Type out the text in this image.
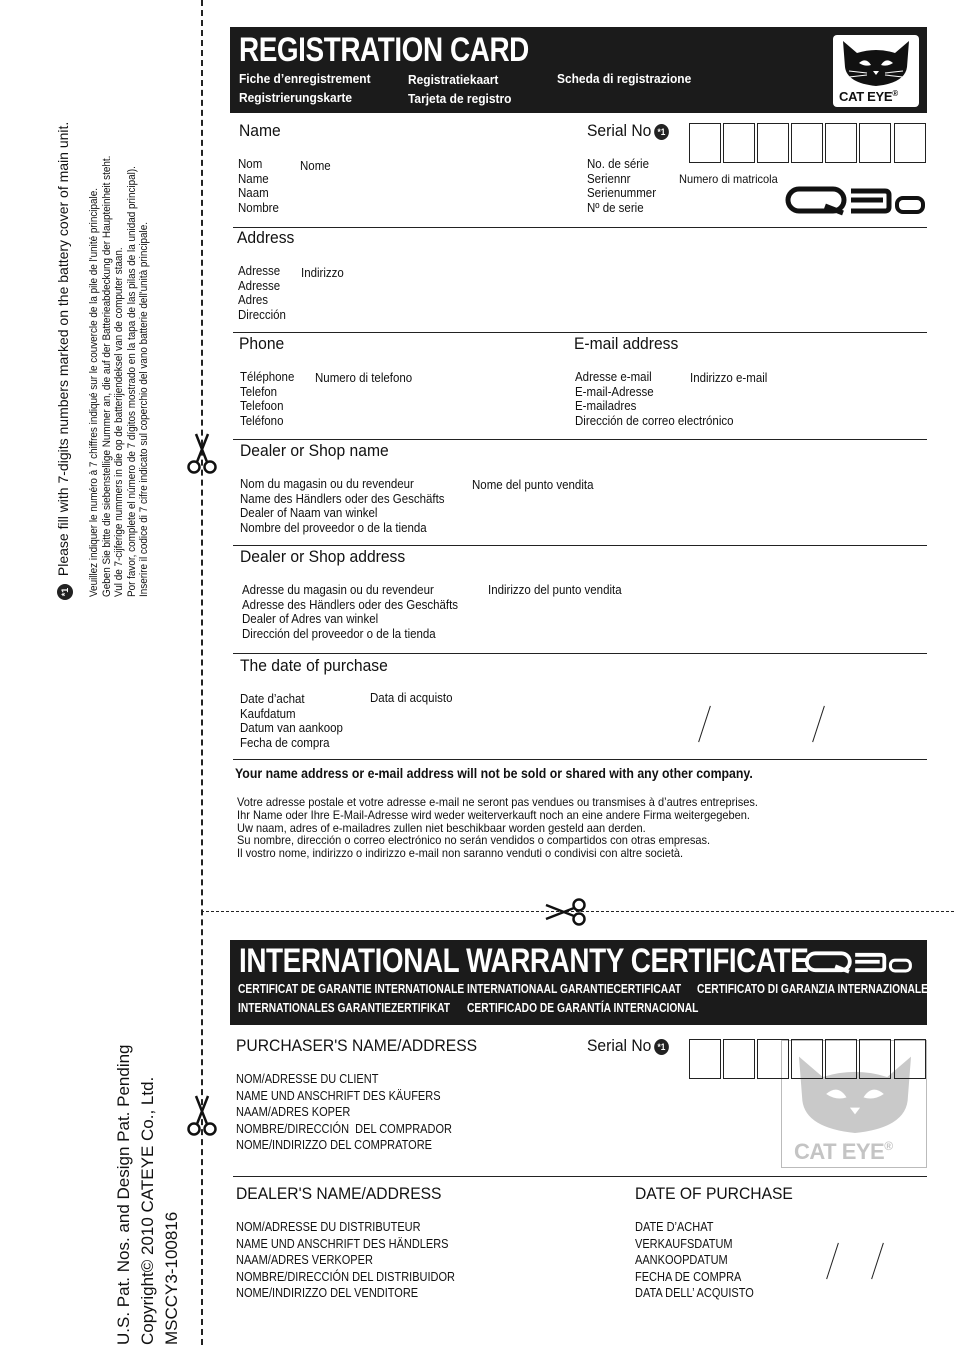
*1 Please fill with 7-digits numbers marked on the battery cover of main unit. Veuillez indiquer le numéro à 7 chiffres indiqué sur le couvercle de la pile de l'unité principale. Geben Sie bitte die siebenstellige Nummer an, die auf der Batterieabdeckung der Haupteinheit steht. Vul de 7-cijferige nummers in die op de batterijendeksel van de computer staan. Por favor, complete el número de 7 dígitos mostrado en la tapa de las pilas de la unidad principal). Inserire il codice di 7 cifre indicato sul coperchio del vano batterie dell'unità principale.
U.S. Pat. Nos. and Design Pat. Pending Copyright© 2010 CATEYE Co., Ltd. MSCCY3-100816
REGISTRATION CARD
Fiche d’enregistrement
Registrierungskarte
Registratiekaart
Tarjeta de registro
Scheda di registrazione
CAT EYE®
Name
Nom
Name
Naam
Nombre
Nome
Serial No *1
No. de série
Seriennr
Serienummer
Nº de serie
Numero di matricola
Address
Adresse
Adresse
Adres
Dirección
Indirizzo
Phone
Téléphone
Telefon
Telefoon
Teléfono
Numero di telefono
E-mail address
Adresse e-mail
E-mail-Adresse
E-mailadres
Dirección de correo electrónico
Indirizzo e-mail
Dealer or Shop name
Nom du magasin ou du revendeur
Name des Händlers oder des Geschäfts
Dealer of Naam van winkel
Nombre del proveedor o de la tienda
Nome del punto vendita
Dealer or Shop address
Adresse du magasin ou du revendeur
Adresse des Händlers oder des Geschäfts
Dealer of Adres van winkel
Dirección del proveedor o de la tienda
Indirizzo del punto vendita
The date of purchase
Date d’achat
Kaufdatum
Datum van aankoop
Fecha de compra
Data di acquisto
Your name address or e-mail address will not be sold or shared with any other company.
Votre adresse postale et votre adresse e-mail ne seront pas vendues ou transmises à d’autres entreprises.
Ihr Name oder Ihre E-Mail-Adresse wird weder weiterverkauft noch an eine andere Firma weitergegeben.
Uw naam, adres of e-mailadres zullen niet beschikbaar worden gesteld aan derden.
Su nombre, dirección o correo electrónico no serán vendidos o compartidos con otras empresas.
Il vostro nome, indirizzo o indirizzo e-mail non saranno venduti o condivisi con altre società.
INTERNATIONAL WARRANTY CERTIFICATE
CERTIFICAT DE GARANTIE INTERNATIONALE
INTERNATIONALES GARANTIEZERTIFIKAT
INTERNATIONAAL GARANTIECERTIFICAAT
CERTIFICADO DE GARANTÍA INTERNACIONAL
CERTIFICATO DI GARANZIA INTERNAZIONALE
PURCHASER'S NAME/ADDRESS
NOM/ADRESSE DU CLIENT
NAME UND ANSCHRIFT DES KÄUFERS
NAAM/ADRES KOPER
NOMBRE/DIRECCIÓN  DEL COMPRADOR
NOME/INDIRIZZO DEL COMPRATORE
Serial No *1
CAT EYE®
DEALER'S NAME/ADDRESS
NOM/ADRESSE DU DISTRIBUTEUR
NAME UND ANSCHRIFT DES HÄNDLERS
NAAM/ADRES VERKOPER
NOMBRE/DIRECCIÓN DEL DISTRIBUIDOR
NOME/INDIRIZZO DEL VENDITORE
DATE OF PURCHASE
DATE D’ACHAT
VERKAUFSDATUM
AANKOOPDATUM
FECHA DE COMPRA
DATA DELL’ ACQUISTO
